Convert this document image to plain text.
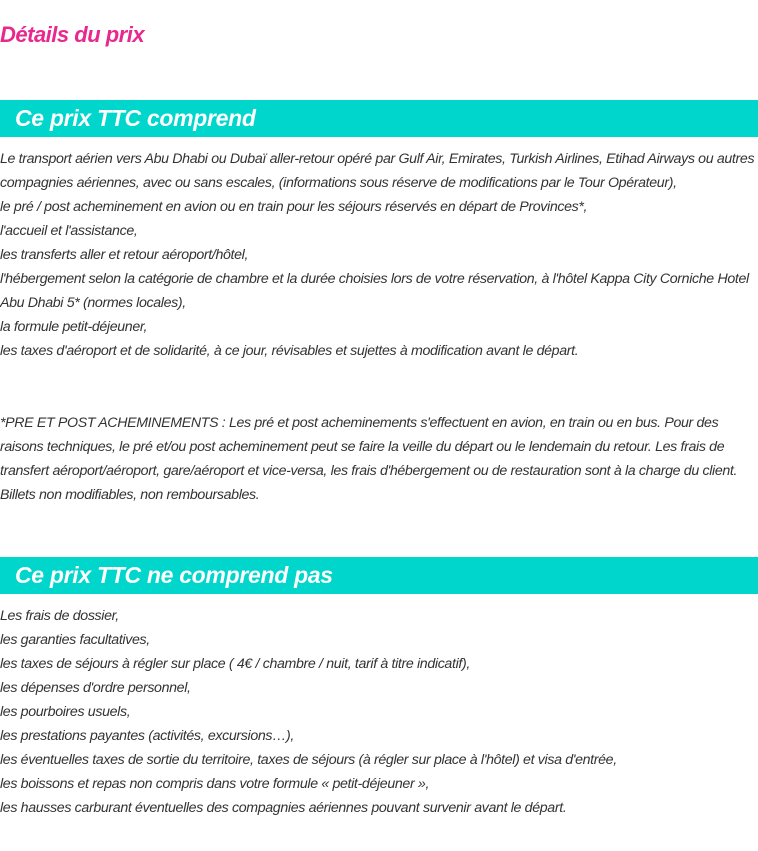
Détails du prix
Ce prix TTC comprend

Le transport aérien vers Abu Dhabi ou Dubaï aller-retour opéré par Gulf Air, Emirates, Turkish Airlines, Etihad Airways ou autres compagnies aériennes, avec ou sans escales, (informations sous réserve de modifications par le Tour Opérateur),

le pré / post acheminement en avion ou en train pour les séjours réservés en départ de Provinces*,

l'accueil et l'assistance,

les transferts aller et retour aéroport/hôtel,

l'hébergement selon la catégorie de chambre et la durée choisies lors de votre réservation, à l'hôtel Kappa City Corniche Hotel Abu Dhabi 5* (normes locales),

la formule petit-déjeuner,

les taxes d'aéroport et de solidarité, à ce jour, révisables et sujettes à modification avant le départ.

*PRE ET POST ACHEMINEMENTS : Les pré et post acheminements s'effectuent en avion, en train ou en bus. Pour des raisons techniques, le pré et/ou post acheminement peut se faire la veille du départ ou le lendemain du retour. Les frais de transfert aéroport/aéroport, gare/aéroport et vice-versa, les frais d'hébergement ou de restauration sont à la charge du client. Billets non modifiables, non remboursables.

Ce prix TTC ne comprend pas

Les frais de dossier,

les garanties facultatives,

les taxes de séjours à régler sur place ( 4€ / chambre / nuit, tarif à titre indicatif),

les dépenses d'ordre personnel,

les pourboires usuels,

les prestations payantes (activités, excursions…),

les éventuelles taxes de sortie du territoire, taxes de séjours (à régler sur place à l'hôtel) et visa d'entrée,

les boissons et repas non compris dans votre formule « petit-déjeuner »,

les hausses carburant éventuelles des compagnies aériennes pouvant survenir avant le départ.
